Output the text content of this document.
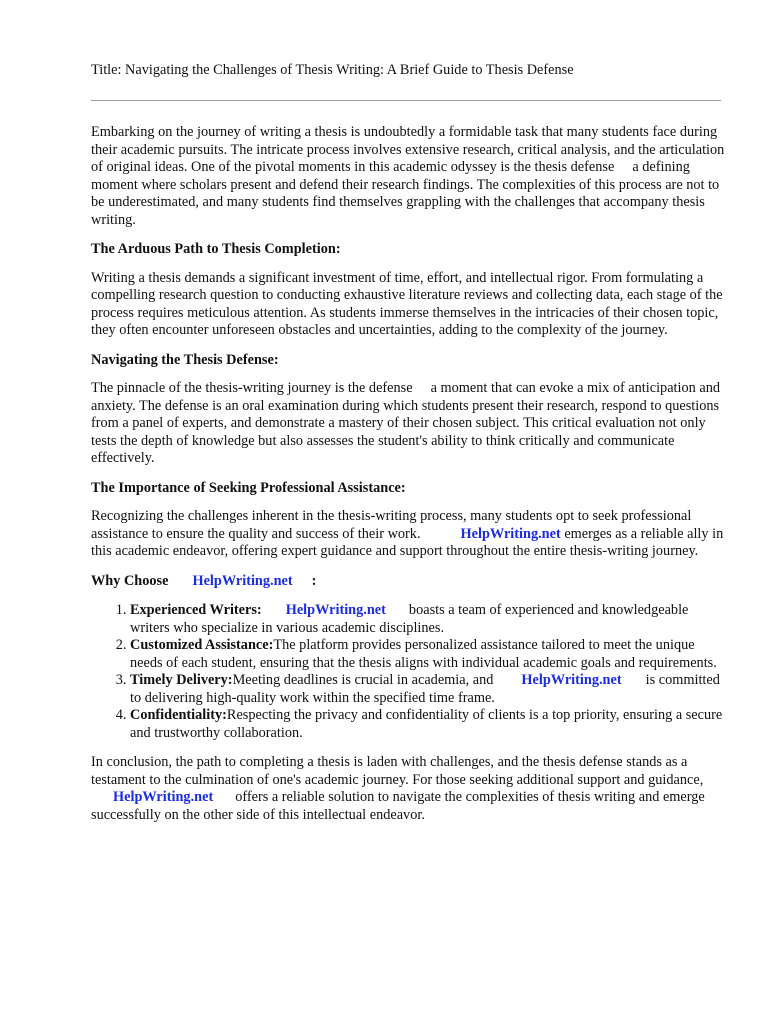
Title: Navigating the Challenges of Thesis Writing: A Brief Guide to Thesis Defense

Embarking on the journey of writing a thesis is undoubtedly a formidable task that many students face during their academic pursuits. The intricate process involves extensive research, critical analysis, and the articulation of original ideas. One of the pivotal moments in this academic odyssey is the thesis defense a defining moment where scholars present and defend their research findings. The complexities of this process are not to be underestimated, and many students find themselves grappling with the challenges that accompany thesis writing.

The Arduous Path to Thesis Completion:

Writing a thesis demands a significant investment of time, effort, and intellectual rigor. From formulating a compelling research question to conducting exhaustive literature reviews and collecting data, each stage of the process requires meticulous attention. As students immerse themselves in the intricacies of their chosen topic, they often encounter unforeseen obstacles and uncertainties, adding to the complexity of the journey.

Navigating the Thesis Defense:

The pinnacle of the thesis-writing journey is the defense a moment that can evoke a mix of anticipation and anxiety. The defense is an oral examination during which students present their research, respond to questions from a panel of experts, and demonstrate a mastery of their chosen subject. This critical evaluation not only tests the depth of knowledge but also assesses the student's ability to think critically and communicate effectively.

The Importance of Seeking Professional Assistance:

Recognizing the challenges inherent in the thesis-writing process, many students opt to seek professional assistance to ensure the quality and success of their work.	HelpWriting.net emerges as a reliable ally in this academic endeavor, offering expert guidance and support throughout the entire thesis-writing journey.

Why Choose HelpWriting.net :

1. Experienced Writers: HelpWriting.net boasts a team of experienced and knowledgeable writers who specialize in various academic disciplines.
2. Customized Assistance:The platform provides personalized assistance tailored to meet the unique needs of each student, ensuring that the thesis aligns with individual academic goals and requirements.
3. Timely Delivery:Meeting deadlines is crucial in academia, and HelpWriting.net is committed to delivering high-quality work within the specified time frame.
4. Confidentiality:Respecting the privacy and confidentiality of clients is a top priority, ensuring a secure and trustworthy collaboration.

In conclusion, the path to completing a thesis is laden with challenges, and the thesis defense stands as a testament to the culmination of one's academic journey. For those seeking additional support and guidance,HelpWriting.net offers a reliable solution to navigate the complexities of thesis writing and emerge successfully on the other side of this intellectual endeavor.
